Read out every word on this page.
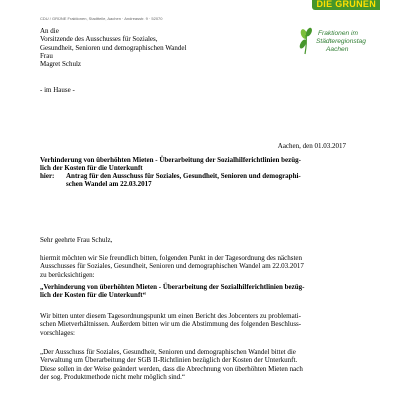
CDU / GRÜNE Fraktionen, Stadtteile, Aachen · Andreasstr. 9 · 52070
DIE GRÜNEN
Fraktionen im
Städteregionstag
Aachen
An die
Vorsitzende des Ausschusses für Soziales,
Gesundheit, Senioren und demographischen Wandel
Frau
Magret Schulz
- im Hause -
Aachen, den 01.03.2017
Verhinderung von überhöhten Mieten - Überarbeitung der Sozialhilferichtlinien bezüg-
lich der Kosten für die Unterkunft
hier: Antrag für den Ausschuss für Soziales, Gesundheit, Senioren und demographi-
schen Wandel am 22.03.2017
Sehr geehrte Frau Schulz,
hiermit möchten wir Sie freundlich bitten, folgenden Punkt in der Tagesordnung des nächsten
Ausschusses für Soziales, Gesundheit, Senioren und demographischen Wandel am 22.03.2017
zu berücksichtigen:
„Verhinderung von überhöhten Mieten - Überarbeitung der Sozialhilferichtlinien bezüg-
lich der Kosten für die Unterkunft“
Wir bitten unter diesem Tagesordnungspunkt um einen Bericht des Jobcenters zu problemati-
schen Mietverhältnissen. Außerdem bitten wir um die Abstimmung des folgenden Beschluss-
vorschlages:
„Der Ausschuss für Soziales, Gesundheit, Senioren und demographischen Wandel bittet die
Verwaltung um Überarbeitung der SGB II-Richtlinien bezüglich der Kosten der Unterkunft.
Diese sollen in der Weise geändert werden, dass die Abrechnung von überhöhten Mieten nach
der sog. Produktmethode nicht mehr möglich sind.“
